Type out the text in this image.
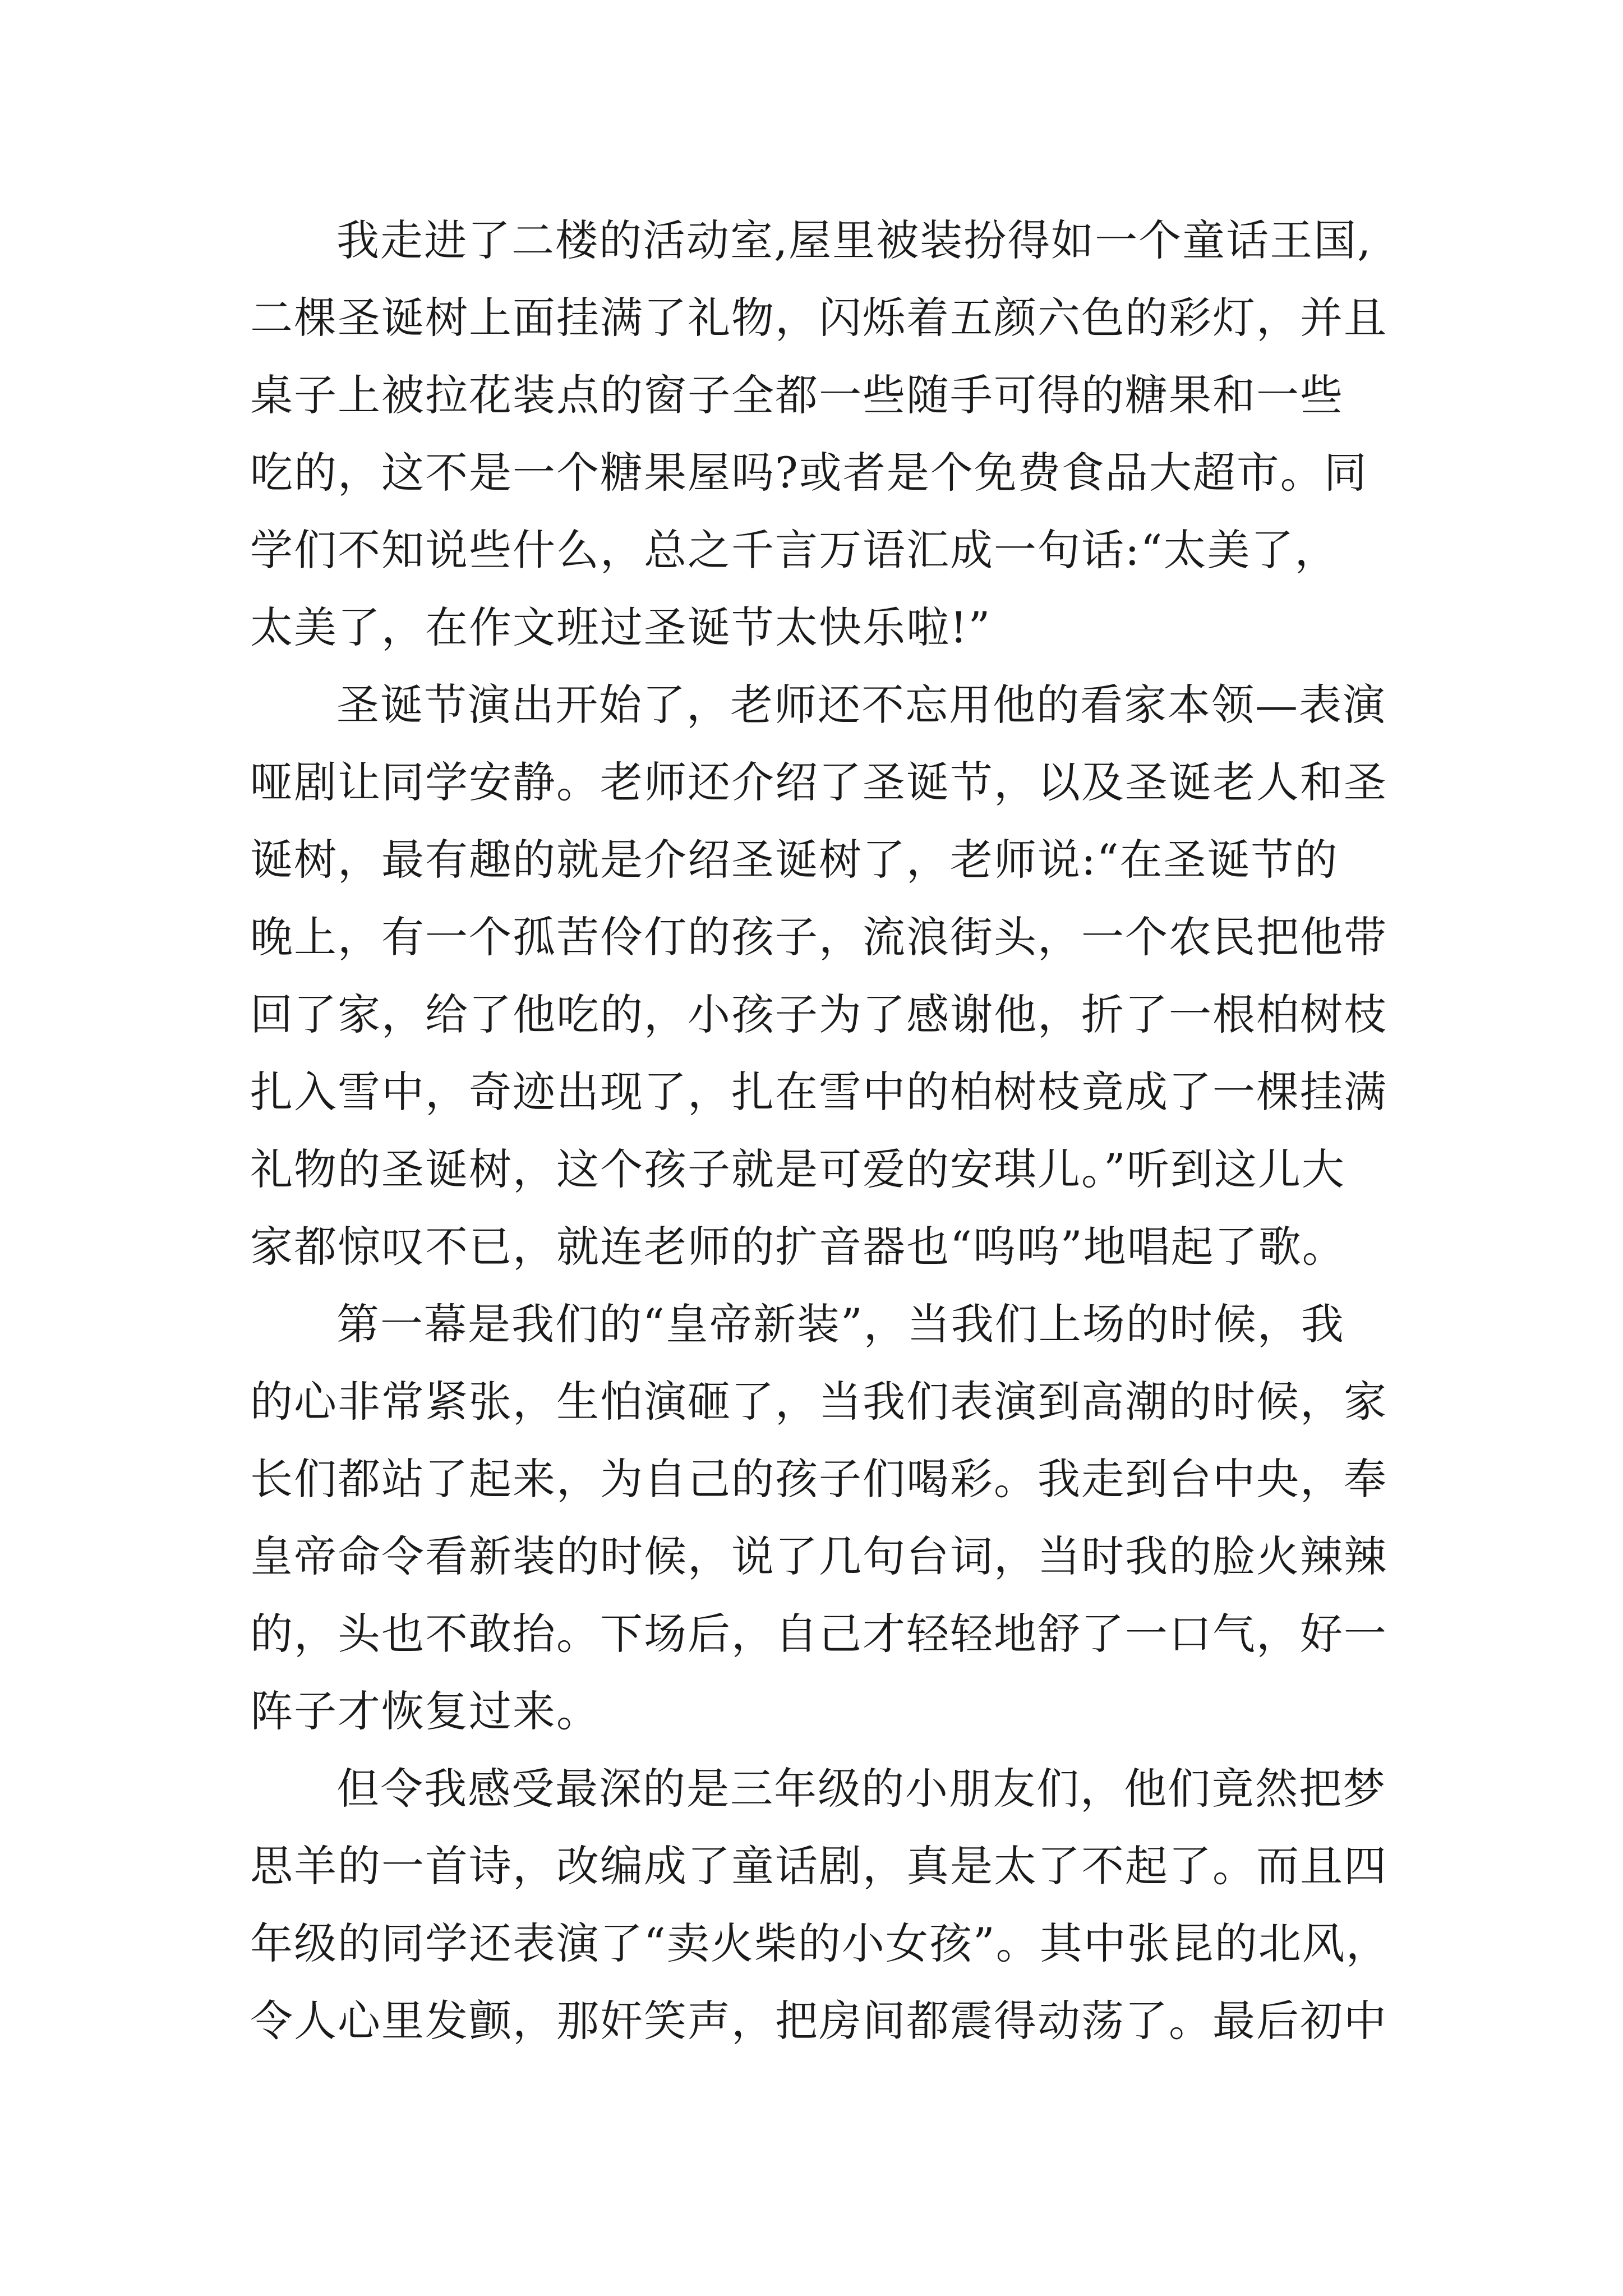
我走进了二楼的活动室,屋里被装扮得如一个童话王国,
二棵圣诞树上面挂满了礼物，闪烁着五颜六色的彩灯，并且
桌子上被拉花装点的窗子全都一些随手可得的糖果和一些
吃的，这不是一个糖果屋吗?或者是个免费食品大超市。同
学们不知说些什么，总之千言万语汇成一句话:“太美了，
太美了，在作文班过圣诞节太快乐啦!”
圣诞节演出开始了，老师还不忘用他的看家本领—表演
哑剧让同学安静。老师还介绍了圣诞节，以及圣诞老人和圣
诞树，最有趣的就是介绍圣诞树了，老师说:“在圣诞节的
晚上，有一个孤苦伶仃的孩子，流浪街头，一个农民把他带
回了家，给了他吃的，小孩子为了感谢他，折了一根柏树枝
扎入雪中，奇迹出现了，扎在雪中的柏树枝竟成了一棵挂满
礼物的圣诞树，这个孩子就是可爱的安琪儿。”听到这儿大
家都惊叹不已，就连老师的扩音器也“呜呜”地唱起了歌。
第一幕是我们的“皇帝新装”，当我们上场的时候，我
的心非常紧张，生怕演砸了，当我们表演到高潮的时候，家
长们都站了起来，为自己的孩子们喝彩。我走到台中央，奉
皇帝命令看新装的时候，说了几句台词，当时我的脸火辣辣
的，头也不敢抬。下场后，自己才轻轻地舒了一口气，好一
阵子才恢复过来。
但令我感受最深的是三年级的小朋友们，他们竟然把梦
思羊的一首诗，改编成了童话剧，真是太了不起了。而且四
年级的同学还表演了“卖火柴的小女孩”。其中张昆的北风，
令人心里发颤，那奸笑声，把房间都震得动荡了。最后初中
